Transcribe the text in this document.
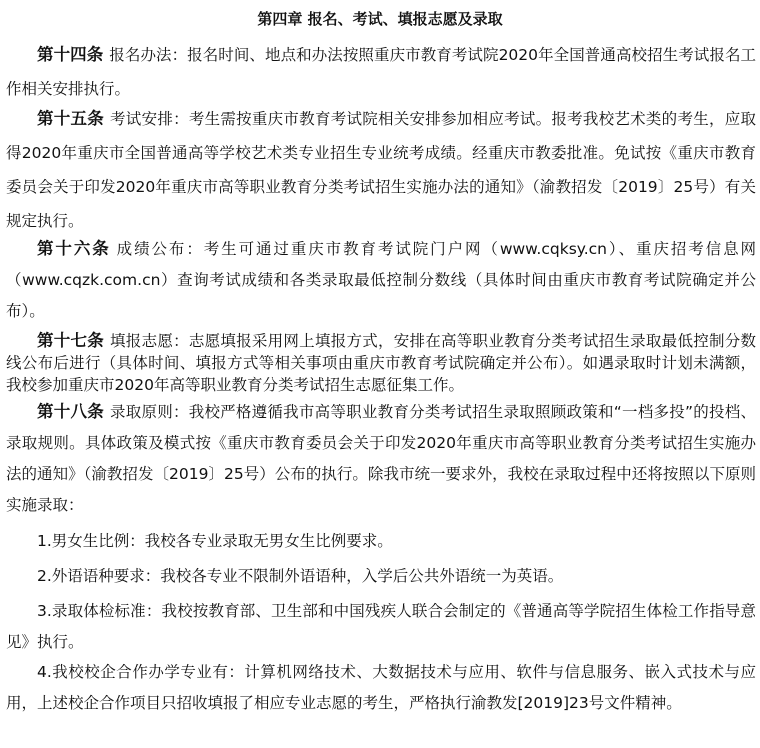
第四章 报名、考试、填报志愿及录取

第十四条 报名办法：报名时间、地点和办法按照重庆市教育考试院2020年全国普通高校招生考试报名工作相关安排执行。

第十五条 考试安排：考生需按重庆市教育考试院相关安排参加相应考试。报考我校艺术类的考生，应取得2020年重庆市全国普通高等学校艺术类专业招生专业统考成绩。经重庆市教委批准。免试按《重庆市教育委员会关于印发2020年重庆市高等职业教育分类考试招生实施办法的通知》（渝教招发〔2019〕25号）有关规定执行。

第十六条 成绩公布：考生可通过重庆市教育考试院门户网（www.cqksy.cn）、重庆招考信息网（www.cqzk.com.cn）查询考试成绩和各类录取最低控制分数线（具体时间由重庆市教育考试院确定并公布）。

第十七条 填报志愿：志愿填报采用网上填报方式，安排在高等职业教育分类考试招生录取最低控制分数线公布后进行（具体时间、填报方式等相关事项由重庆市教育考试院确定并公布）。如遇录取时计划未满额，我校参加重庆市2020年高等职业教育分类考试招生志愿征集工作。

第十八条 录取原则：我校严格遵循我市高等职业教育分类考试招生录取照顾政策和“一档多投”的投档、录取规则。具体政策及模式按《重庆市教育委员会关于印发2020年重庆市高等职业教育分类考试招生实施办法的通知》（渝教招发〔2019〕25号）公布的执行。除我市统一要求外，我校在录取过程中还将按照以下原则实施录取：

1.男女生比例：我校各专业录取无男女生比例要求。

2.外语语种要求：我校各专业不限制外语语种，入学后公共外语统一为英语。

3.录取体检标准：我校按教育部、卫生部和中国残疾人联合会制定的《普通高等学院招生体检工作指导意见》执行。

4.我校校企合作办学专业有：计算机网络技术、大数据技术与应用、软件与信息服务、嵌入式技术与应用，上述校企合作项目只招收填报了相应专业志愿的考生，严格执行渝教发[2019]23号文件精神。
